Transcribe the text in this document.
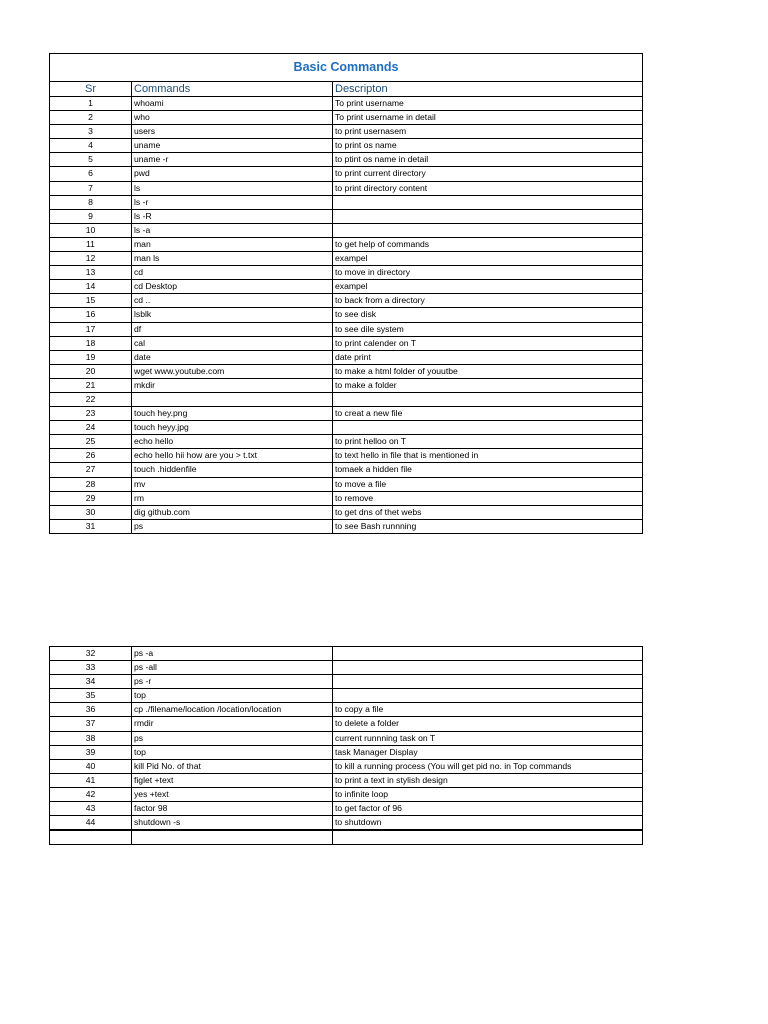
Basic Commands		
Sr	Commands	Descripton
1	whoami	To print username
2	who	To print username in detail
3	users	to print usernasem
4	uname	to print os name
5	uname -r	to ptint os name in detail
6	pwd	to print current directory
7	ls	to print directory content
8	ls -r	
9	ls -R	
10	ls -a	
11	man	to get help of commands
12	man ls	exampel
13	cd	to move in directory
14	cd Desktop	exampel
15	cd ..	to back from a directory
16	lsblk	to see disk
17	df	to see dile system
18	cal	to print calender on T
19	date	date print
20	wget www.youtube.com	to make a html folder of youutbe
21	mkdir	to make a folder
22		
23	touch hey.png	to creat a new file
24	touch heyy.jpg	
25	echo hello	to print helloo on T
26	echo hello hii how are you > t.txt	to text hello in file that is mentioned in
27	touch .hiddenfile	tomaek a hidden file
28	mv	to move a file
29	rm	to remove
30	dig github.com	to get dns of thet webs
31	ps	to see Bash runnning
32	ps -a	
33	ps -all	
34	ps -r	
35	top	
36	cp ./filename/location /location/location	to copy a file
37	rmdir	to delete a folder
38	ps	current runnning task on T
39	top	task Manager Display
40	kill Pid No. of that	to kill a running process (You will get pid no. in Top commands
41	figlet +text	to print a text in stylish design
42	yes +text	to infinite loop
43	factor 98	to get factor of 96
44	shutdown -s	to shutdown
